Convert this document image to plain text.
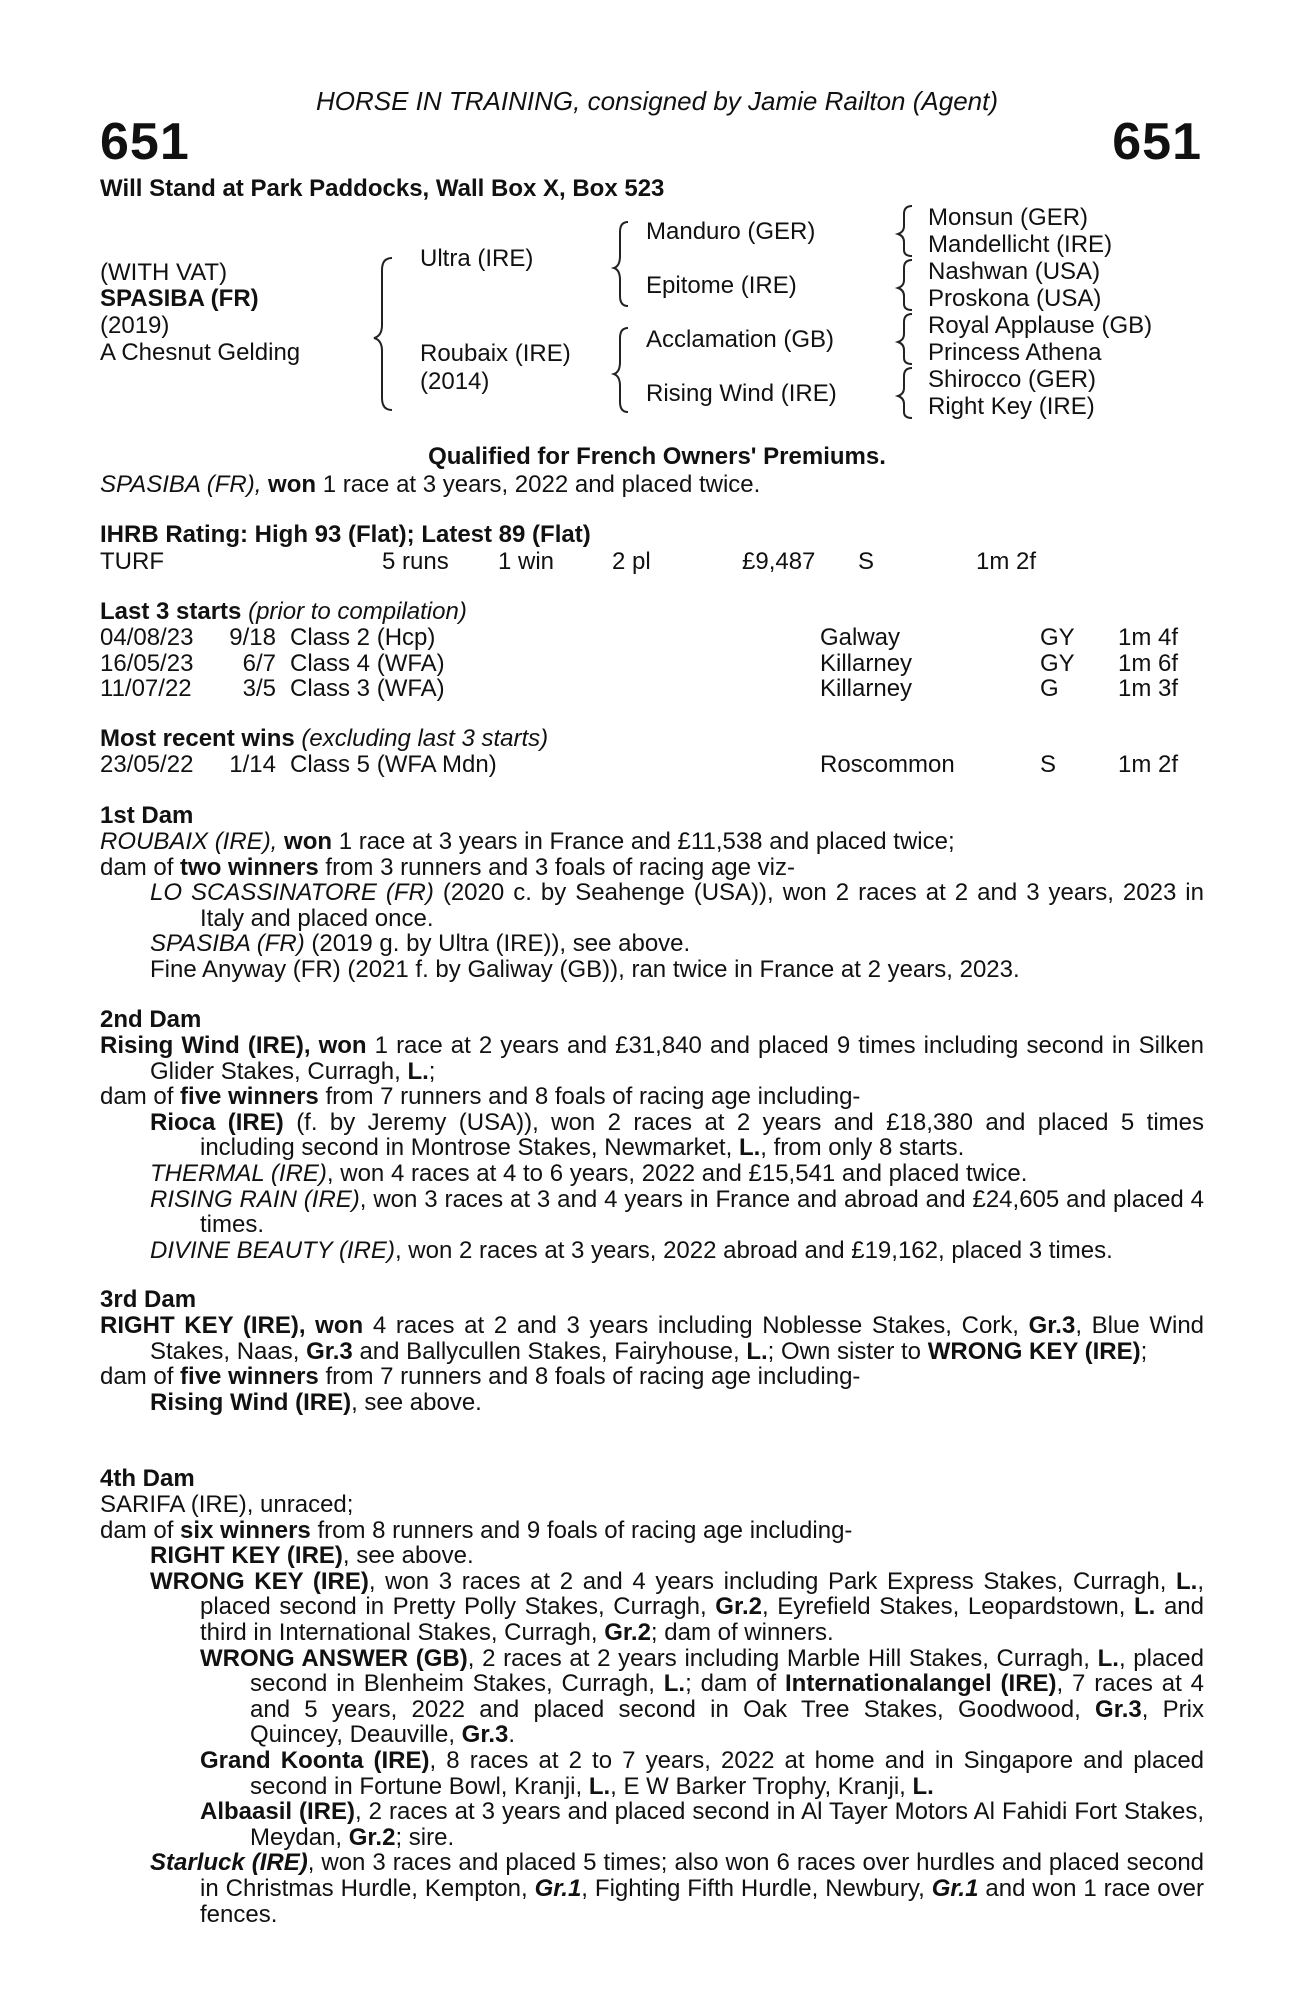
HORSE IN TRAINING, consigned by Jamie Railton (Agent)
651	651
Will Stand at Park Paddocks, Wall Box X, Box 523
(WITH VAT)
SPASIBA (FR)
(2019)
A Chesnut Gelding
Ultra (IRE)
Roubaix (IRE)
(2014)
Manduro (GER)
Epitome (IRE)
Acclamation (GB)
Rising Wind (IRE)
Monsun (GER)
Mandellicht (IRE)
Nashwan (USA)
Proskona (USA)
Royal Applause (GB)
Princess Athena
Shirocco (GER)
Right Key (IRE)
Qualified for French Owners' Premiums.
SPASIBA (FR), won 1 race at 3 years, 2022 and placed twice.
IHRB Rating: High 93 (Flat); Latest 89 (Flat)
TURF	5 runs 1 win 2 pl	£9,487 S	1m 2f
Last 3 starts (prior to compilation)
04/08/23	9/18 Class 2 (Hcp)	Galway	GY 1m 4f
16/05/23	6/7 Class 4 (WFA)	Killarney	GY 1m 6f
11/07/22	3/5 Class 3 (WFA)	Killarney	G 1m 3f
Most recent wins (excluding last 3 starts)
23/05/22	1/14 Class 5 (WFA Mdn)	Roscommon	S	1m 2f
1st Dam
ROUBAIX (IRE), won 1 race at 3 years in France and £11,538 and placed twice;
dam of two winners from 3 runners and 3 foals of racing age viz-
LO SCASSINATORE (FR) (2020 c. by Seahenge (USA)), won 2 races at 2 and 3 years, 2023 in Italy and placed once.
SPASIBA (FR) (2019 g. by Ultra (IRE)), see above.
Fine Anyway (FR) (2021 f. by Galiway (GB)), ran twice in France at 2 years, 2023.
2nd Dam
Rising Wind (IRE), won 1 race at 2 years and £31,840 and placed 9 times including second in Silken Glider Stakes, Curragh, L.;
dam of five winners from 7 runners and 8 foals of racing age including-
Rioca (IRE) (f. by Jeremy (USA)), won 2 races at 2 years and £18,380 and placed 5 times including second in Montrose Stakes, Newmarket, L., from only 8 starts.
THERMAL (IRE), won 4 races at 4 to 6 years, 2022 and £15,541 and placed twice.
RISING RAIN (IRE), won 3 races at 3 and 4 years in France and abroad and £24,605 and placed 4 times.
DIVINE BEAUTY (IRE), won 2 races at 3 years, 2022 abroad and £19,162, placed 3 times.
3rd Dam
RIGHT KEY (IRE), won 4 races at 2 and 3 years including Noblesse Stakes, Cork, Gr.3, Blue Wind Stakes, Naas, Gr.3 and Ballycullen Stakes, Fairyhouse, L.; Own sister to WRONG KEY (IRE);
dam of five winners from 7 runners and 8 foals of racing age including-
Rising Wind (IRE), see above.
4th Dam
SARIFA (IRE), unraced;
dam of six winners from 8 runners and 9 foals of racing age including-
RIGHT KEY (IRE), see above.
WRONG KEY (IRE), won 3 races at 2 and 4 years including Park Express Stakes, Curragh, L., placed second in Pretty Polly Stakes, Curragh, Gr.2, Eyrefield Stakes, Leopardstown, L. and third in International Stakes, Curragh, Gr.2; dam of winners.
WRONG ANSWER (GB), 2 races at 2 years including Marble Hill Stakes, Curragh, L., placed second in Blenheim Stakes, Curragh, L.; dam of Internationalangel (IRE), 7 races at 4 and 5 years, 2022 and placed second in Oak Tree Stakes, Goodwood, Gr.3, Prix Quincey, Deauville, Gr.3.
Grand Koonta (IRE), 8 races at 2 to 7 years, 2022 at home and in Singapore and placed second in Fortune Bowl, Kranji, L., E W Barker Trophy, Kranji, L.
Albaasil (IRE), 2 races at 3 years and placed second in Al Tayer Motors Al Fahidi Fort Stakes, Meydan, Gr.2; sire.
Starluck (IRE), won 3 races and placed 5 times; also won 6 races over hurdles and placed second in Christmas Hurdle, Kempton, Gr.1, Fighting Fifth Hurdle, Newbury, Gr.1 and won 1 race over fences.
